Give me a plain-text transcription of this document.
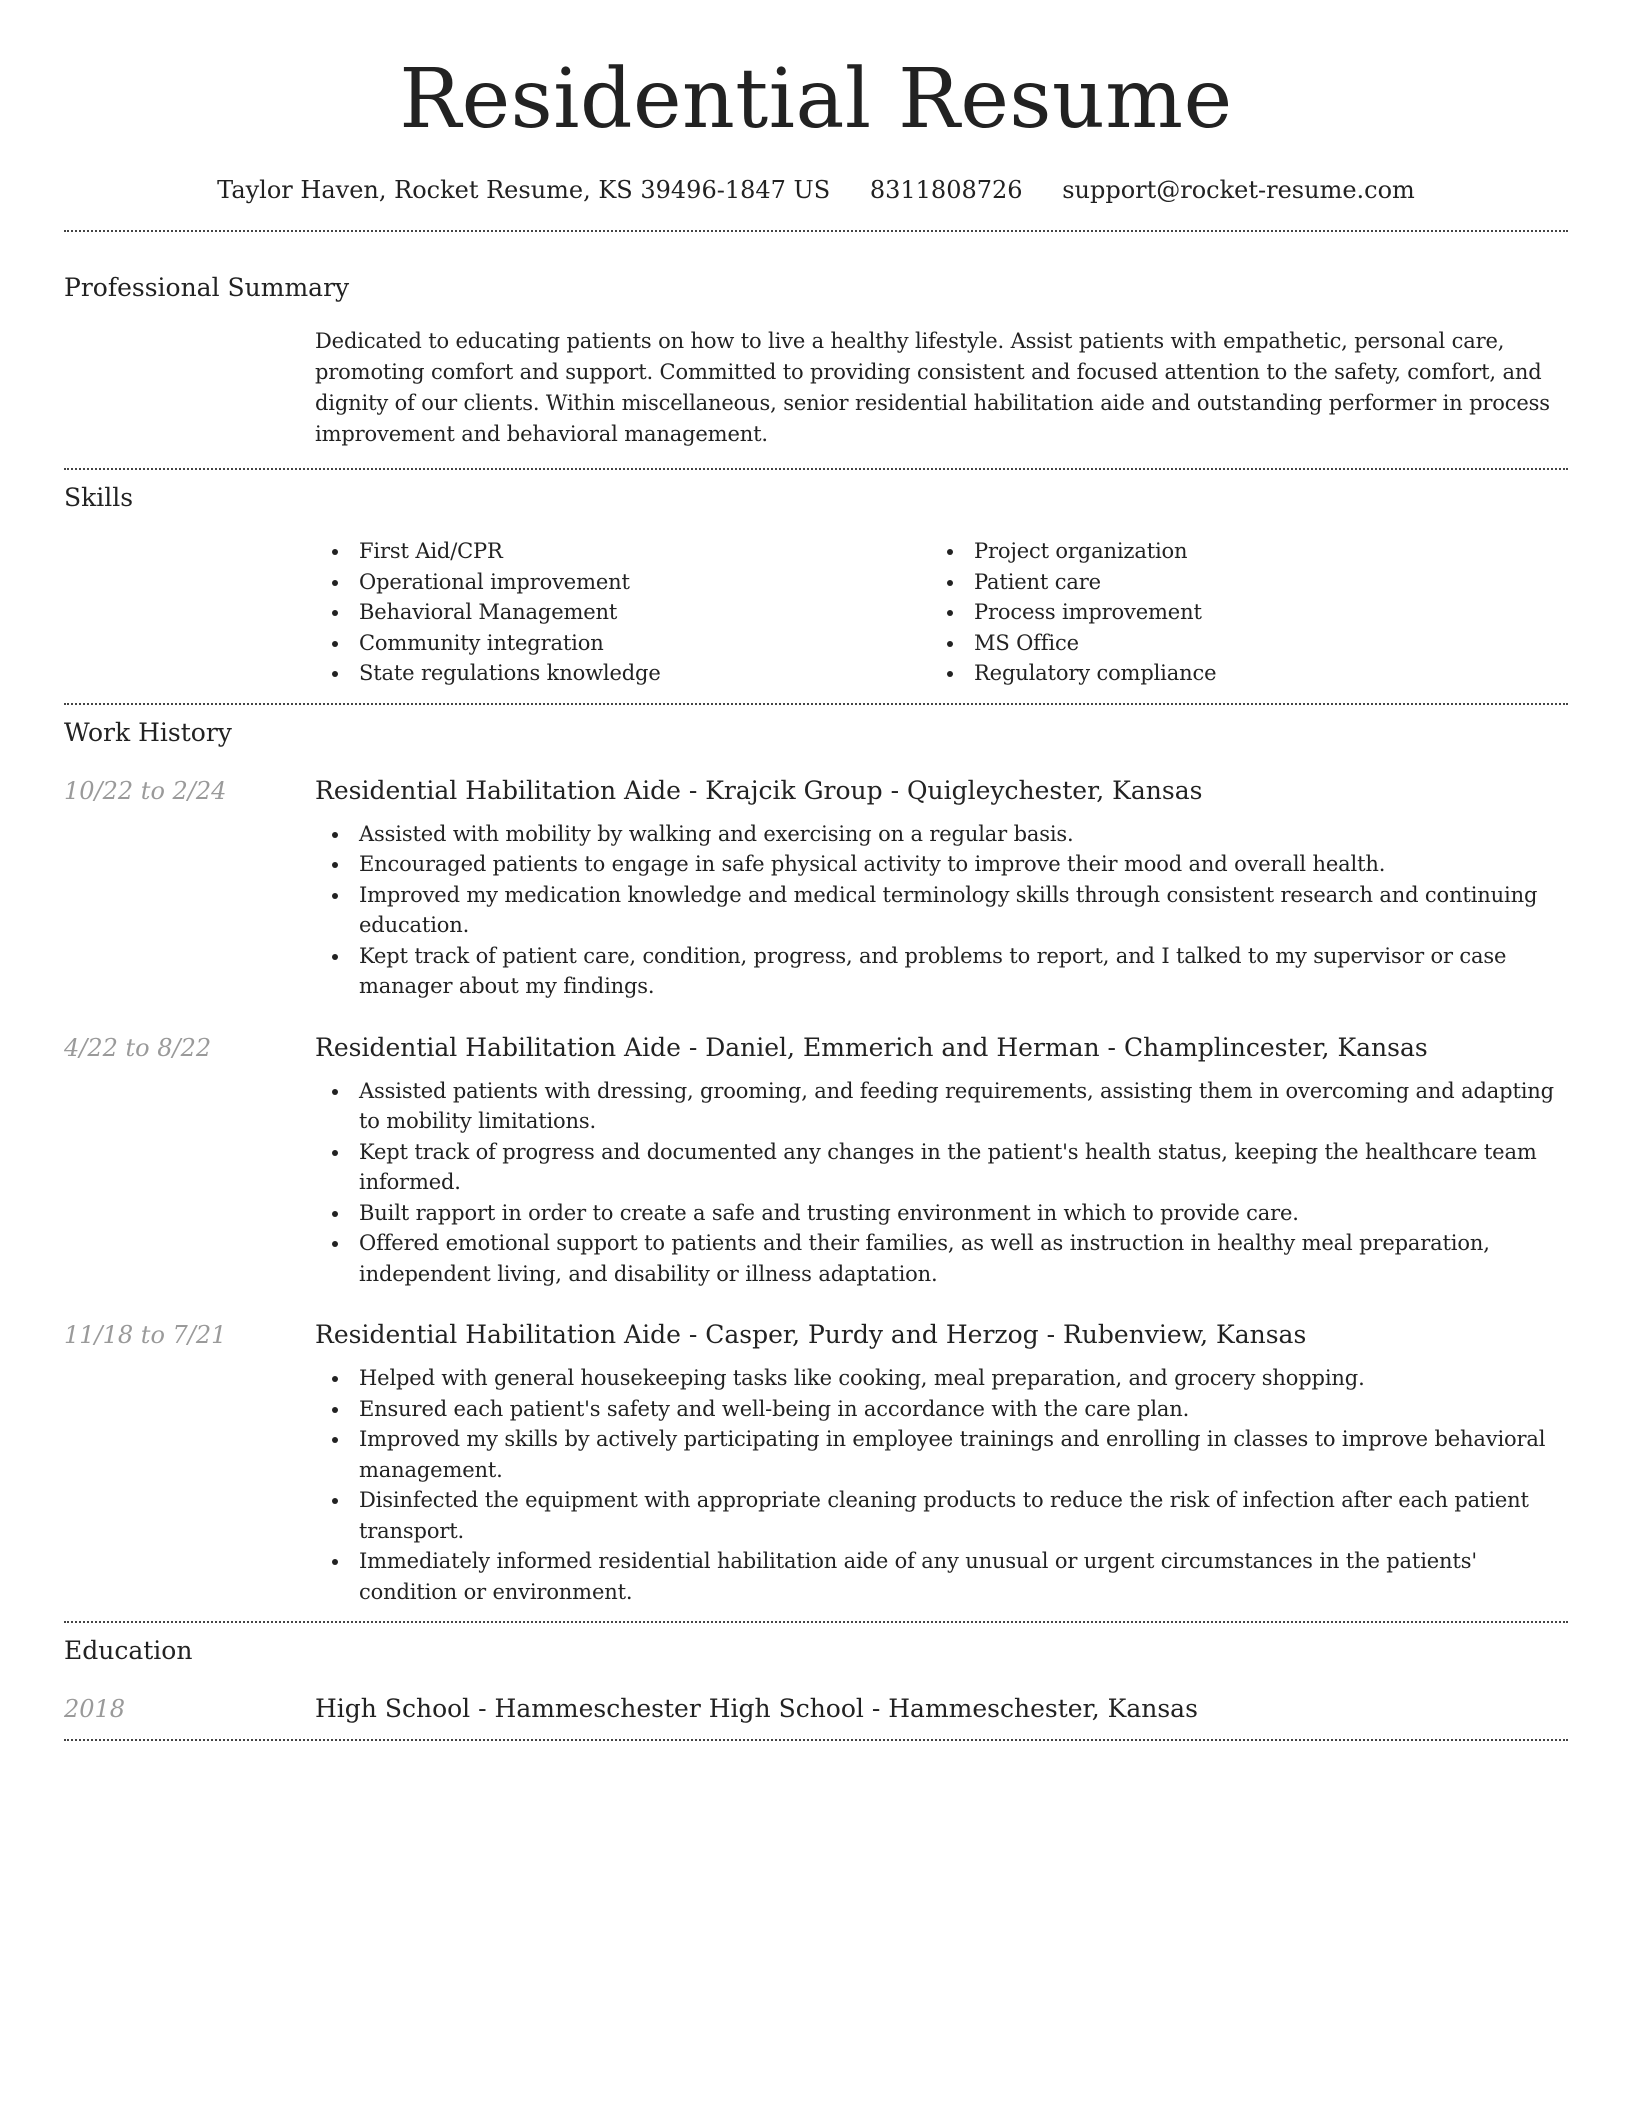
Residential Resume
Taylor Haven, Rocket Resume, KS 39496-1847 US 8311808726 support@rocket-resume.com
Professional Summary

Dedicated to educating patients on how to live a healthy lifestyle. Assist patients with empathetic, personal care, promoting comfort and support. Committed to providing consistent and focused attention to the safety, comfort, and dignity of our clients. Within miscellaneous, senior residential habilitation aide and outstanding performer in process improvement and behavioral management.

Skills
First Aid/CPR
Operational improvement
Behavioral Management
Community integration
State regulations knowledge
Project organization
Patient care
Process improvement
MS Office
Regulatory compliance
Work History
10/22 to 2/24	Residential Habilitation Aide - Krajcik Group - Quigleychester, Kansas
Assisted with mobility by walking and exercising on a regular basis.
Encouraged patients to engage in safe physical activity to improve their mood and overall health.
Improved my medication knowledge and medical terminology skills through consistent research and continuing education.
Kept track of patient care, condition, progress, and problems to report, and I talked to my supervisor or case manager about my findings.
4/22 to 8/22	Residential Habilitation Aide - Daniel, Emmerich and Herman - Champlincester, Kansas
Assisted patients with dressing, grooming, and feeding requirements, assisting them in overcoming and adapting to mobility limitations.
Kept track of progress and documented any changes in the patient's health status, keeping the healthcare team informed.
Built rapport in order to create a safe and trusting environment in which to provide care.
Offered emotional support to patients and their families, as well as instruction in healthy meal preparation, independent living, and disability or illness adaptation.
11/18 to 7/21	Residential Habilitation Aide - Casper, Purdy and Herzog - Rubenview, Kansas
Helped with general housekeeping tasks like cooking, meal preparation, and grocery shopping.
Ensured each patient's safety and well-being in accordance with the care plan.
Improved my skills by actively participating in employee trainings and enrolling in classes to improve behavioral management.
Disinfected the equipment with appropriate cleaning products to reduce the risk of infection after each patient transport.
Immediately informed residential habilitation aide of any unusual or urgent circumstances in the patients' condition or environment.
Education
2018	High School - Hammeschester High School - Hammeschester, Kansas
